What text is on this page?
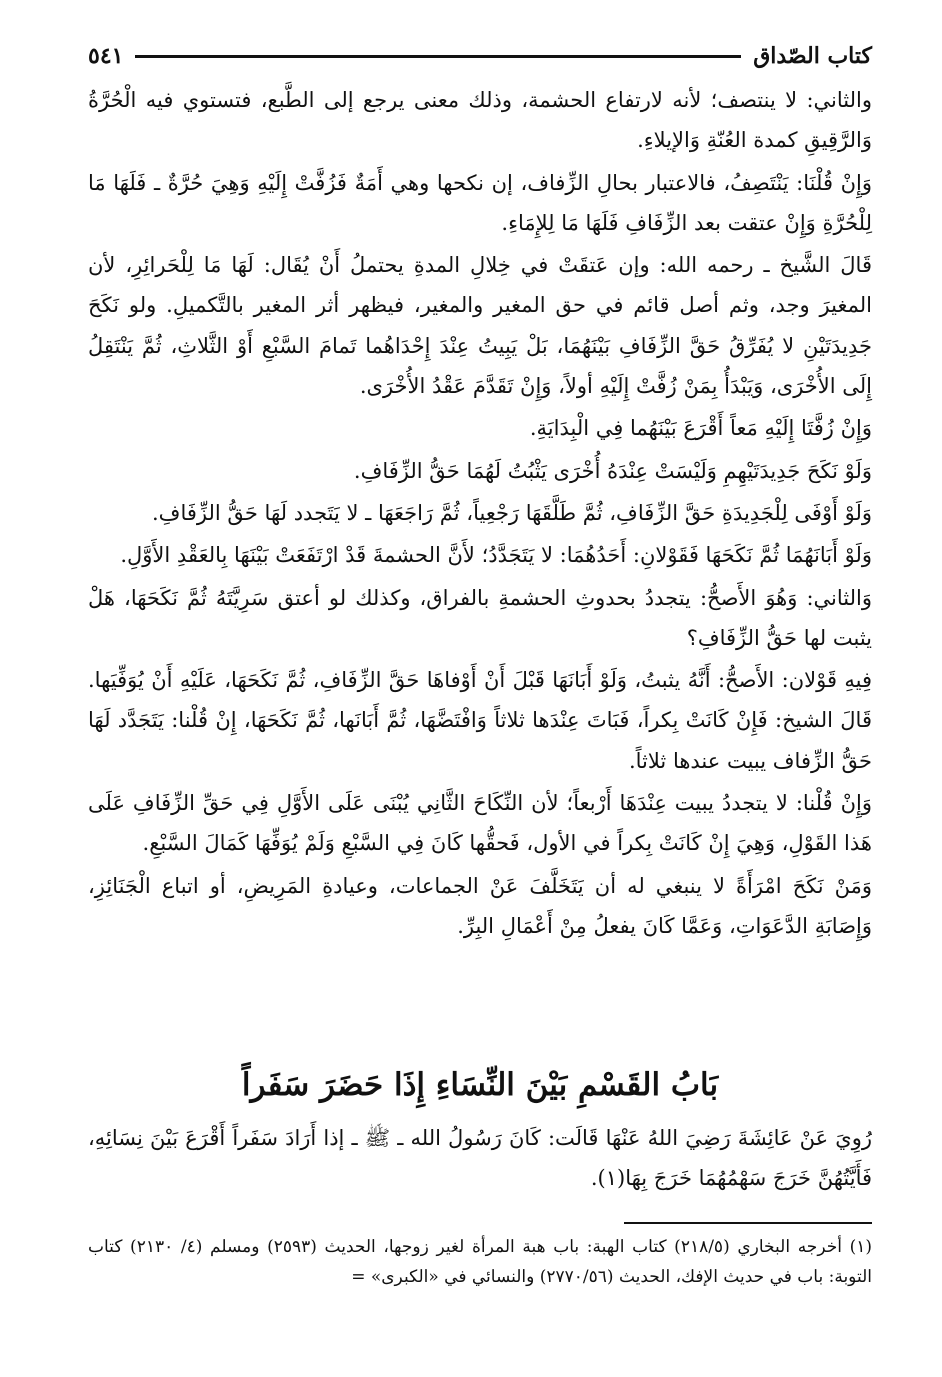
كتاب الصّداق
٥٤١

والثاني: لا ينتصف؛ لأنه لارتفاع الحشمة، وذلك معنى يرجع إلى الطَّبع، فتستوي فيه الْحُرَّةُ وَالرَّقِيقِ كمدة العُنّةِ وَالإيلاءِ.

وَإِنْ قُلْنَا: يَنْتَصِفُ، فالاعتبار بحالِ الزِّفاف، إن نكحها وهي أَمَةٌ فَزُفَّتْ إِلَيْهِ وَهِيَ حُرَّةٌ ـ فَلَهَا مَا لِلْحُرَّةِ وَإِنْ عتقت بعد الزِّفَافِ فَلَهَا مَا لِلإِمَاءِ.

قَالَ الشَّيخ ـ رحمه الله: وإن عَتقَتْ في خِلالِ المدةِ يحتملُ أَنْ يُقَال: لَهَا مَا لِلْحَرائِرِ، لأن المغيرَ وجد، وثم أصل قائم في حق المغير والمغير، فيظهر أثر المغير بالتَّكميلِ. ولو نَكَحَ جَدِيدَتَيْنِ لا يُفَرِّقُ حَقَّ الزِّفَافِ بَيْنَهُمَا، بَلْ يَبِيتُ عِنْدَ إِحْدَاهُما تَمامَ السَّبْعِ أَوْ الثَّلاثِ، ثُمَّ يَنْتَقِلُ إِلَى الأُخْرَى، وَيَبْدَأُ بِمَنْ زُفَّتْ إِلَيْهِ أولاً، وَإِنْ تَقَدَّمَ عَقْدُ الأُخْرَى.

وَإِنْ زُفَّتَا إِلَيْهِ مَعاً أَقْرَعَ بَيْنَهُما فِي الْبِدَايَةِ.

وَلَوْ نَكَحَ جَدِيدَتَيْهِمِ وَلَيْسَتْ عِنْدَهُ أُخْرَى يَثْبُتُ لَهُمَا حَقُّ الزِّفَافِ.

وَلَوْ أَوْفَى لِلْجَدِيدَةِ حَقَّ الزِّفَافِ، ثُمَّ طَلَّقَهَا رَجْعِياً، ثُمَّ رَاجَعَهَا ـ لا يَتَجدد لَهَا حَقُّ الزِّفَافِ.

وَلَوْ أَبَانَهُمَا ثُمَّ نَكَحَهَا فَقَوْلانِ: أَحَدُهُمَا: لا يَتَجَدَّدُ؛ لأَنَّ الحشمةَ قَدْ ارْتَفَعَتْ بَيْنَهَا بِالعَقْدِ الأَوَّلِ.

وَالثاني: وَهُوَ الأَصحُّ: يتجددُ بحدوثِ الحشمةِ بالفراق، وكذلك لو أعتق سَرِيَّتَهُ ثُمَّ نَكَحَهَا، هَلْ يثبت لها حَقُّ الزِّفَافِ؟

فِيهِ قَوْلان: الأَصحُّ: أَنَّهُ يثبتُ، وَلَوْ أَبَانَهَا قَبْلَ أَنْ أَوْفاهَا حَقَّ الزِّفَافِ، ثُمَّ نَكَحَهَا، عَلَيْهِ أَنْ يُوَفِّيَها. قَالَ الشيخ: فَإِنْ كَانَتْ بِكراً، فَبَاتَ عِنْدَها ثلاثاً وَافْتَضَّهَا، ثُمَّ أَبَانَها، ثُمَّ نَكَحَهَا، إِنْ قُلْنا: يَتَجَدَّد لَهَا حَقُّ الزِّفاف يبيت عندها ثلاثاً.

وَإِنْ قُلْنا: لا يتجددُ يبيت عِنْدَهَا أَرْبعاً؛ لأن النِّكَاحَ الثَّانِي يُبْنَى عَلَى الأَوَّلِ فِي حَقِّ الزِّفَافِ عَلَى هَذا القَوْلِ، وَهِيَ إِنْ كَانَتْ بِكراً في الأول، فَحقُّها كَانَ فِي السَّبْعِ وَلَمْ يُوَفِّهَا كَمَالَ السَّبْعِ.

وَمَنْ نَكَحَ امْرَأَةً لا ينبغي له أن يَتَخَلَّفَ عَنْ الجماعات، وعيادةِ المَرِيضِ، أو اتباع الْجَنَائِزِ، وَإِصَابَةِ الدَّعَوَاتِ، وَعَمَّا كَانَ يفعلُ مِنْ أَعْمَالِ البِرِّ.

بَابُ القَسْمِ بَيْنَ النِّسَاءِ إِذَا حَضَرَ سَفَراً

رُوِيَ عَنْ عَائِشَةَ رَضِيَ اللهُ عَنْهَا قَالَت: كَانَ رَسُولُ الله ـ ﷺ ـ إذا أَرَادَ سَفَراً أَقْرَعَ بَيْنَ نِسَائِهِ، فَأَيَّتُهُنَّ خَرَجَ سَهْمُهُمَا خَرَجَ بِهَا(١).

(١) أخرجه البخاري (٢١٨/٥) كتاب الهبة: باب هبة المرأة لغير زوجها، الحديث (٢٥٩٣) ومسلم (٤/ ٢١٣٠) كتاب التوبة: باب في حديث الإفك، الحديث (٢٧٧٠/٥٦) والنسائي في «الكبرى» =
